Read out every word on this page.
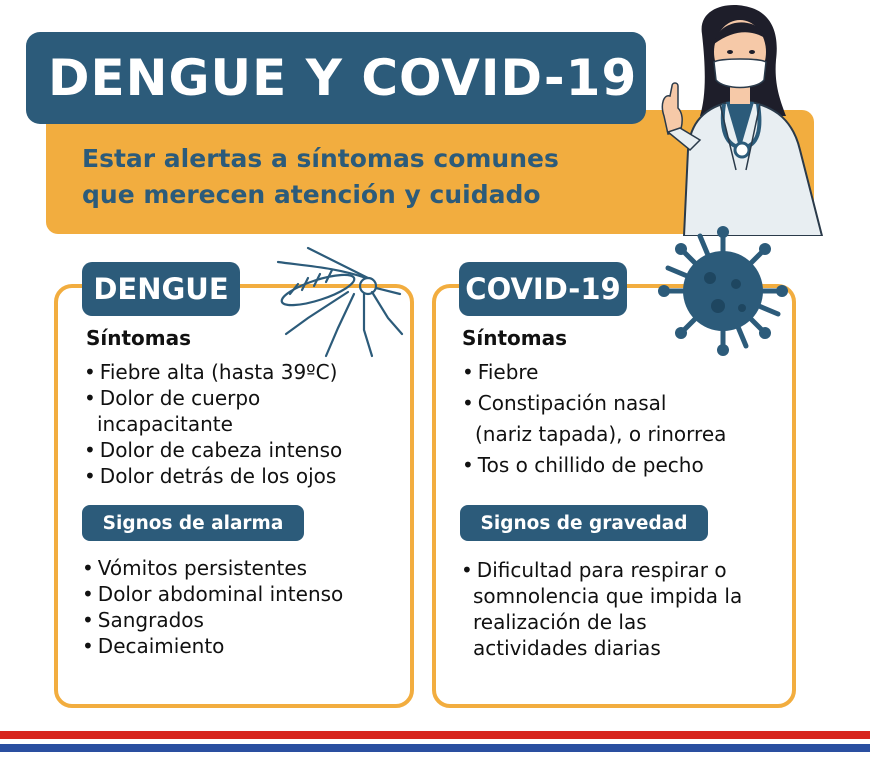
Estar alertas a síntomas comunes
que merecen atención y cuidado
DENGUE Y COVID-19
DENGUE
Síntomas
• Fiebre alta (hasta 39ºC)
• Dolor de cuerpo
incapacitante
• Dolor de cabeza intenso
• Dolor detrás de los ojos
Signos de alarma
• Vómitos persistentes
• Dolor abdominal intenso
• Sangrados
• Decaimiento
COVID-19
Síntomas
• Fiebre
• Constipación nasal
(nariz tapada), o rinorrea
• Tos o chillido de pecho
Signos de gravedad
• Dificultad para respirar o
somnolencia que impida la
realización de las
actividades diarias
